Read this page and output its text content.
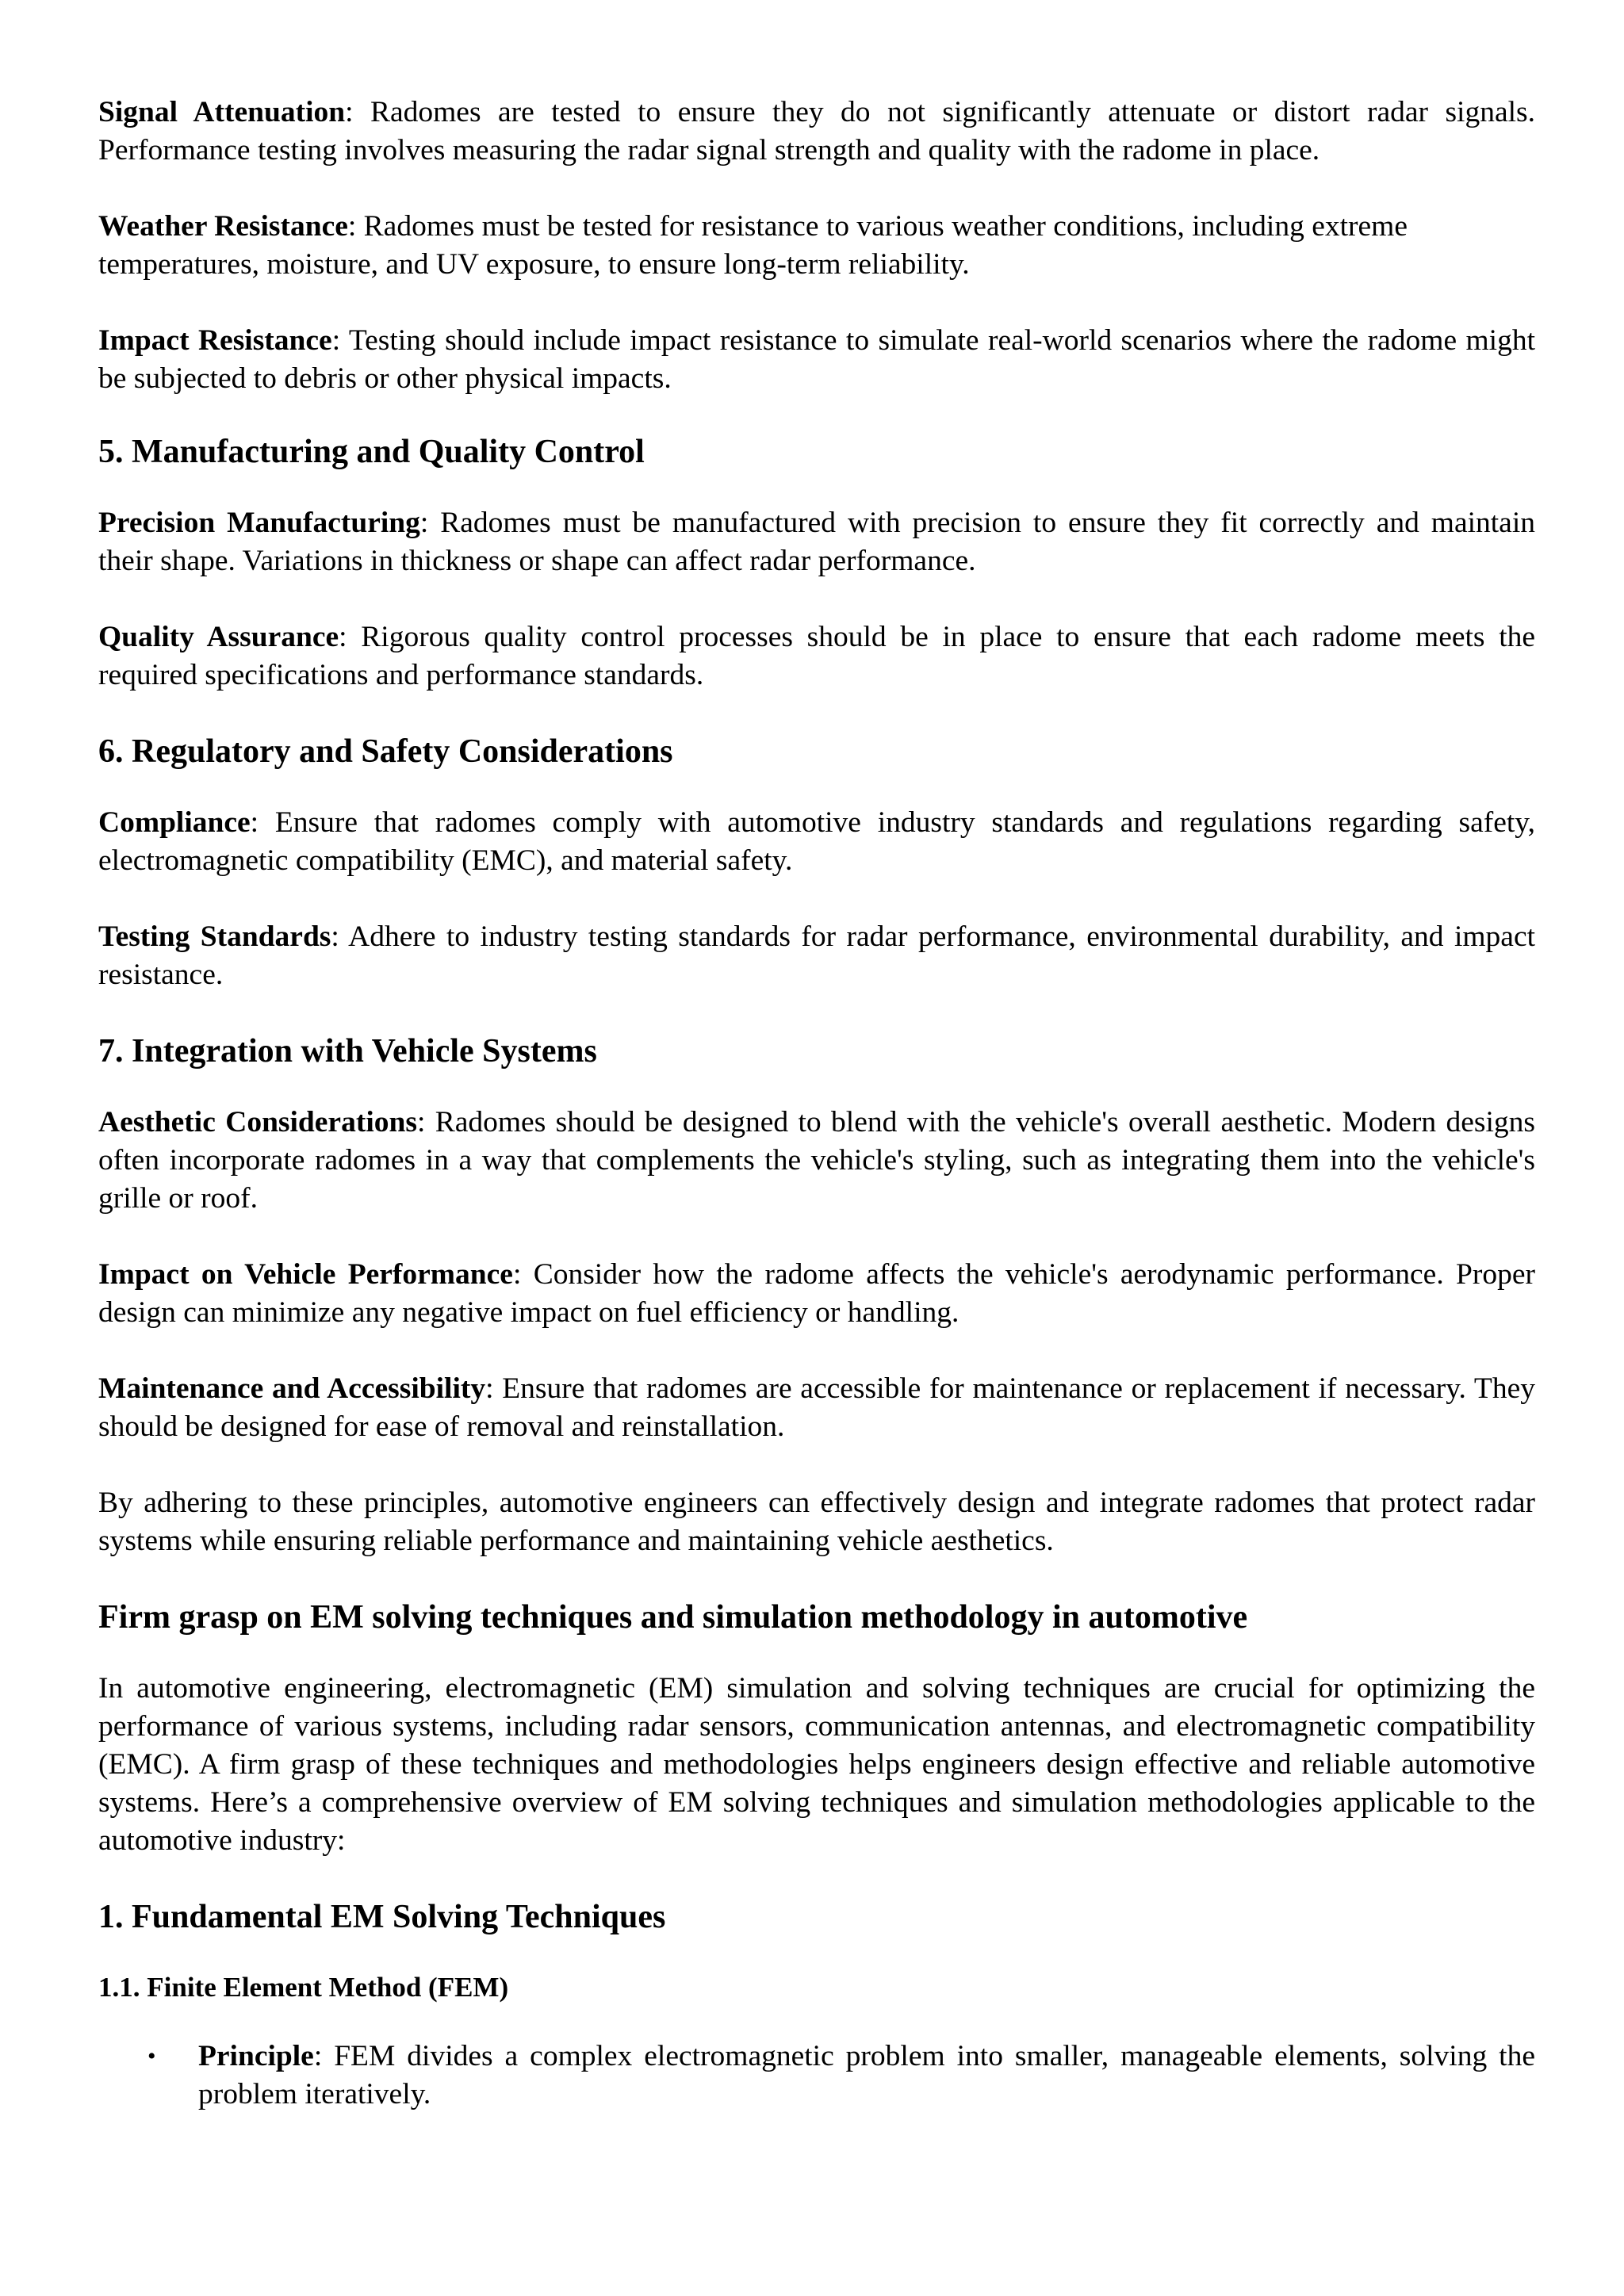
Signal Attenuation: Radomes are tested to ensure they do not significantly attenuate or distort radar signals. Performance testing involves measuring the radar signal strength and quality with the radome in place.

Weather Resistance: Radomes must be tested for resistance to various weather conditions, including extreme temperatures, moisture, and UV exposure, to ensure long-term reliability.

Impact Resistance: Testing should include impact resistance to simulate real-world scenarios where the radome might be subjected to debris or other physical impacts.

5. Manufacturing and Quality Control

Precision Manufacturing: Radomes must be manufactured with precision to ensure they fit correctly and maintain their shape. Variations in thickness or shape can affect radar performance.

Quality Assurance: Rigorous quality control processes should be in place to ensure that each radome meets the required specifications and performance standards.

6. Regulatory and Safety Considerations

Compliance: Ensure that radomes comply with automotive industry standards and regulations regarding safety, electromagnetic compatibility (EMC), and material safety.

Testing Standards: Adhere to industry testing standards for radar performance, environmental durability, and impact resistance.

7. Integration with Vehicle Systems

Aesthetic Considerations: Radomes should be designed to blend with the vehicle's overall aesthetic. Modern designs often incorporate radomes in a way that complements the vehicle's styling, such as integrating them into the vehicle's grille or roof.

Impact on Vehicle Performance: Consider how the radome affects the vehicle's aerodynamic performance. Proper design can minimize any negative impact on fuel efficiency or handling.

Maintenance and Accessibility: Ensure that radomes are accessible for maintenance or replacement if necessary. They should be designed for ease of removal and reinstallation.

By adhering to these principles, automotive engineers can effectively design and integrate radomes that protect radar systems while ensuring reliable performance and maintaining vehicle aesthetics.

Firm grasp on EM solving techniques and simulation methodology in automotive

In automotive engineering, electromagnetic (EM) simulation and solving techniques are crucial for optimizing the performance of various systems, including radar sensors, communication antennas, and electromagnetic compatibility (EMC). A firm grasp of these techniques and methodologies helps engineers design effective and reliable automotive systems. Here’s a comprehensive overview of EM solving techniques and simulation methodologies applicable to the automotive industry:

1. Fundamental EM Solving Techniques
1.1. Finite Element Method (FEM)
• Principle: FEM divides a complex electromagnetic problem into smaller, manageable elements, solving the problem iteratively.
